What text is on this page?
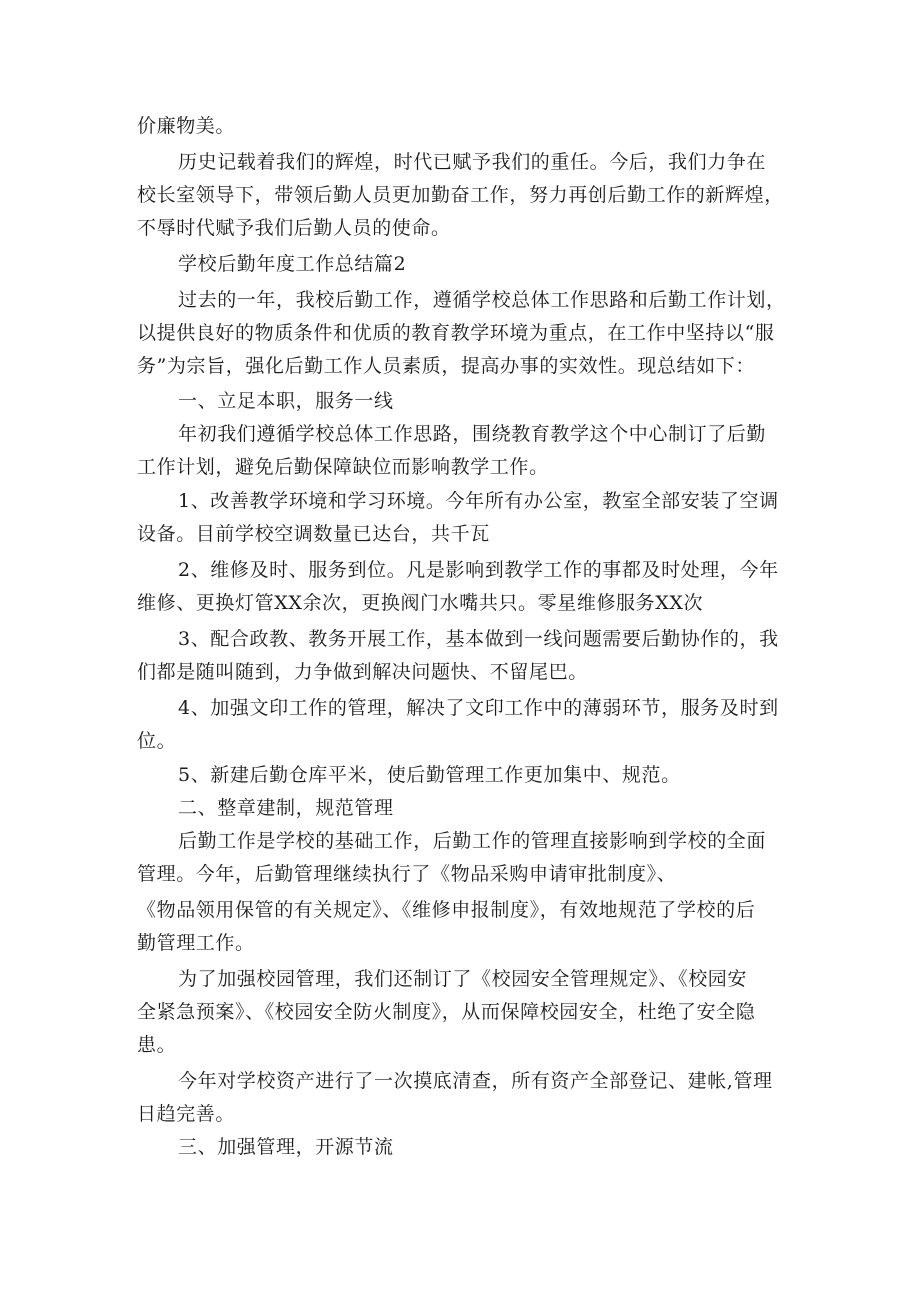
价廉物美。
历史记载着我们的辉煌，时代已赋予我们的重任。今后，我们力争在
校长室领导下，带领后勤人员更加勤奋工作，努力再创后勤工作的新辉煌，
不辱时代赋予我们后勤人员的使命。
学校后勤年度工作总结篇2
过去的一年，我校后勤工作，遵循学校总体工作思路和后勤工作计划，
以提供良好的物质条件和优质的教育教学环境为重点，在工作中坚持以“服
务”为宗旨，强化后勤工作人员素质，提高办事的实效性。现总结如下：
一、立足本职，服务一线
年初我们遵循学校总体工作思路，围绕教育教学这个中心制订了后勤
工作计划，避免后勤保障缺位而影响教学工作。
1、改善教学环境和学习环境。今年所有办公室，教室全部安装了空调
设备。目前学校空调数量已达台，共千瓦
2、维修及时、服务到位。凡是影响到教学工作的事都及时处理，今年
维修、更换灯管XX余次，更换阀门水嘴共只。零星维修服务XX次
3、配合政教、教务开展工作，基本做到一线问题需要后勤协作的，我
们都是随叫随到，力争做到解决问题快、不留尾巴。
4、加强文印工作的管理，解决了文印工作中的薄弱环节，服务及时到
位。
5、新建后勤仓库平米，使后勤管理工作更加集中、规范。
二、整章建制，规范管理
后勤工作是学校的基础工作，后勤工作的管理直接影响到学校的全面
管理。今年，后勤管理继续执行了《物品采购申请审批制度》、
《物品领用保管的有关规定》、《维修申报制度》，有效地规范了学校的后
勤管理工作。
为了加强校园管理，我们还制订了《校园安全管理规定》、《校园安
全紧急预案》、《校园安全防火制度》，从而保障校园安全，杜绝了安全隐
患。
今年对学校资产进行了一次摸底清查，所有资产全部登记、建帐,管理
日趋完善。
三、加强管理，开源节流
